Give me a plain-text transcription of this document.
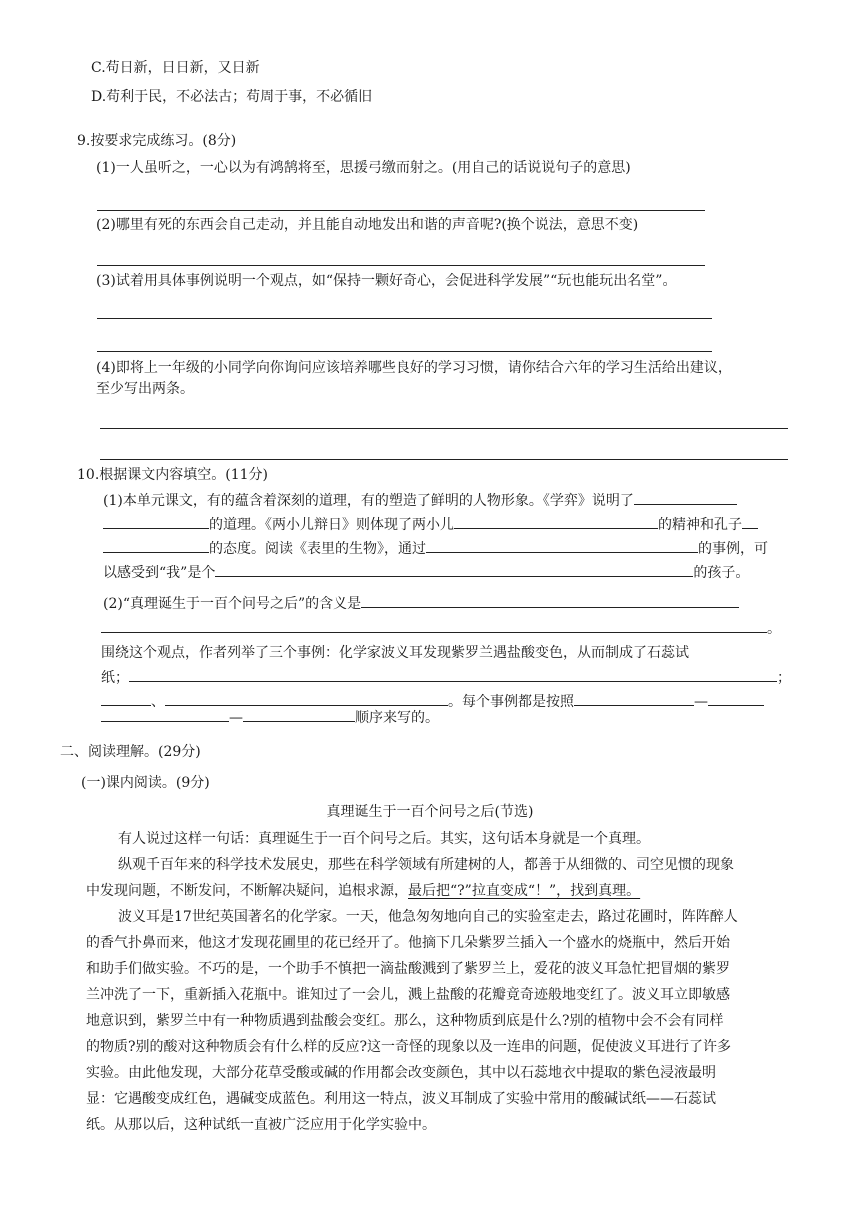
C.苟日新，日日新，又日新
D.苟利于民，不必法古；苟周于事，不必循旧
9.按要求完成练习。(8分)
(1)一人虽听之，一心以为有鸿鹄将至，思援弓缴而射之。(用自己的话说说句子的意思)
(2)哪里有死的东西会自己走动，并且能自动地发出和谐的声音呢?(换个说法，意思不变)
(3)试着用具体事例说明一个观点，如“保持一颗好奇心，会促进科学发展”“玩也能玩出名堂”。
(4)即将上一年级的小同学向你询问应该培养哪些良好的学习习惯，请你结合六年的学习生活给出建议，
至少写出两条。
10.根据课文内容填空。(11分)
(1)本单元课文，有的蕴含着深刻的道理，有的塑造了鲜明的人物形象。《学弈》说明了
的道理。《两小儿辩日》则体现了两小儿	的精神和孔子
的态度。阅读《表里的生物》，通过	的事例，可
以感受到“我”是个	的孩子。
(2)“真理诞生于一百个问号之后”的含义是
。
围绕这个观点，作者列举了三个事例：化学家波义耳发现紫罗兰遇盐酸变色，从而制成了石蕊试
纸；	；
、	。每个事例都是按照	—
—	顺序来写的。
二、阅读理解。(29分)
(一)课内阅读。(9分)
真理诞生于一百个问号之后(节选)
有人说过这样一句话：真理诞生于一百个问号之后。其实，这句话本身就是一个真理。
纵观千百年来的科学技术发展史，那些在科学领域有所建树的人，都善于从细微的、司空见惯的现象
中发现问题，不断发问，不断解决疑问，追根求源，最后把“?”拉直变成“！”，找到真理。
波义耳是17世纪英国著名的化学家。一天，他急匆匆地向自己的实验室走去，路过花圃时，阵阵醉人
的香气扑鼻而来，他这才发现花圃里的花已经开了。他摘下几朵紫罗兰插入一个盛水的烧瓶中，然后开始
和助手们做实验。不巧的是，一个助手不慎把一滴盐酸溅到了紫罗兰上，爱花的波义耳急忙把冒烟的紫罗
兰冲洗了一下，重新插入花瓶中。谁知过了一会儿，溅上盐酸的花瓣竟奇迹般地变红了。波义耳立即敏感
地意识到，紫罗兰中有一种物质遇到盐酸会变红。那么，这种物质到底是什么?别的植物中会不会有同样
的物质?别的酸对这种物质会有什么样的反应?这一奇怪的现象以及一连串的问题，促使波义耳进行了许多
实验。由此他发现，大部分花草受酸或碱的作用都会改变颜色，其中以石蕊地衣中提取的紫色浸液最明
显：它遇酸变成红色，遇碱变成蓝色。利用这一特点，波义耳制成了实验中常用的酸碱试纸——石蕊试
纸。从那以后，这种试纸一直被广泛应用于化学实验中。
